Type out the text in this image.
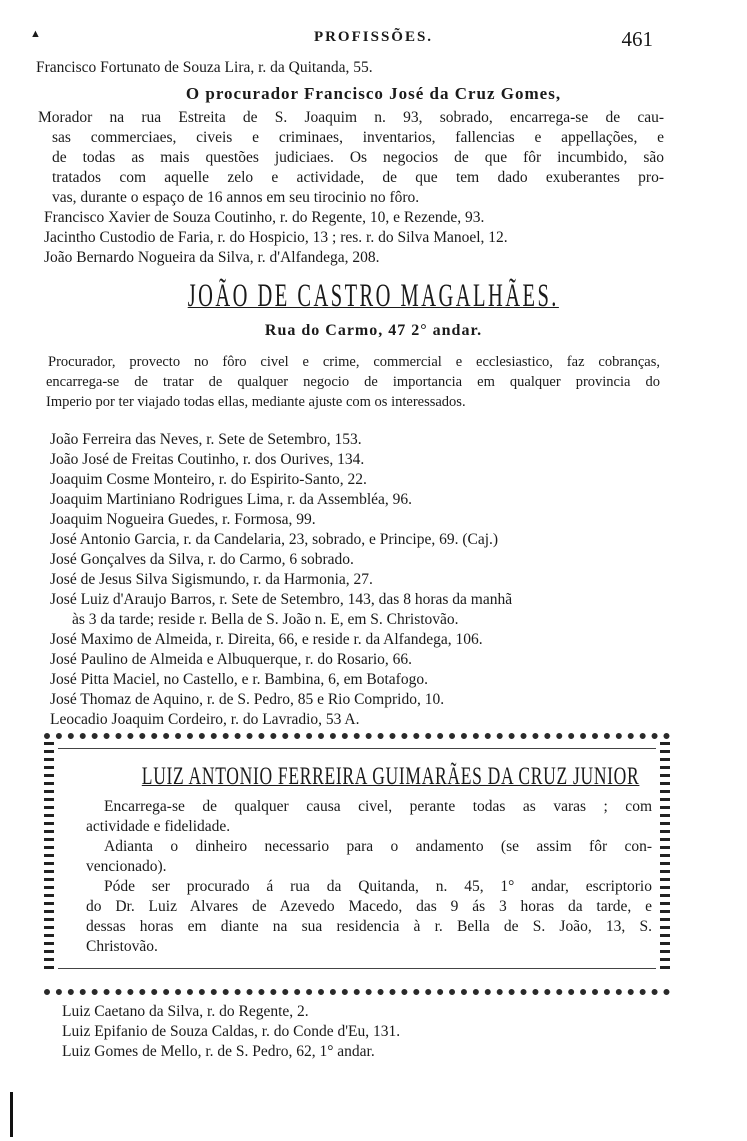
▲	PROFISSÕES.	461
Francisco Fortunato de Souza Lira, r. da Quitanda, 55.
O procurador Francisco José da Cruz Gomes,
Morador na rua Estreita de S. Joaquim n. 93, sobrado, encarrega-se de cau-
sas commerciaes, civeis e criminaes, inventarios, fallencias e appellações, e
de todas as mais questões judiciaes. Os negocios de que fôr incumbido, são
tratados com aquelle zelo e actividade, de que tem dado exuberantes pro-
vas, durante o espaço de 16 annos em seu tirocinio no fôro.
Francisco Xavier de Souza Coutinho, r. do Regente, 10, e Rezende, 93.
Jacintho Custodio de Faria, r. do Hospicio, 13 ; res. r. do Silva Manoel, 12.
João Bernardo Nogueira da Silva, r. d'Alfandega, 208.
JOÃO DE CASTRO MAGALHÃES.
Rua do Carmo, 47 2° andar.
Procurador, provecto no fôro civel e crime, commercial e ecclesiastico, faz cobranças,
encarrega-se de tratar de qualquer negocio de importancia em qualquer provincia do
Imperio por ter viajado todas ellas, mediante ajuste com os interessados.
João Ferreira das Neves, r. Sete de Setembro, 153.
João José de Freitas Coutinho, r. dos Ourives, 134.
Joaquim Cosme Monteiro, r. do Espirito-Santo, 22.
Joaquim Martiniano Rodrigues Lima, r. da Assembléa, 96.
Joaquim Nogueira Guedes, r. Formosa, 99.
José Antonio Garcia, r. da Candelaria, 23, sobrado, e Principe, 69. (Caj.)
José Gonçalves da Silva, r. do Carmo, 6 sobrado.
José de Jesus Silva Sigismundo, r. da Harmonia, 27.
José Luiz d'Araujo Barros, r. Sete de Setembro, 143, das 8 horas da manhã
às 3 da tarde; reside r. Bella de S. João n. E, em S. Christovão.
José Maximo de Almeida, r. Direita, 66, e reside r. da Alfandega, 106.
José Paulino de Almeida e Albuquerque, r. do Rosario, 66.
José Pitta Maciel, no Castello, e r. Bambina, 6, em Botafogo.
José Thomaz de Aquino, r. de S. Pedro, 85 e Rio Comprido, 10.
Leocadio Joaquim Cordeiro, r. do Lavradio, 53 A.
LUIZ ANTONIO FERREIRA GUIMARÃES DA CRUZ JUNIOR
Encarrega-se de qualquer causa civel, perante todas as varas ; com
actividade e fidelidade.
Adianta o dinheiro necessario para o andamento (se assim fôr con-
vencionado).
Póde ser procurado á rua da Quitanda, n. 45, 1° andar, escriptorio
do Dr. Luiz Alvares de Azevedo Macedo, das 9 ás 3 horas da tarde, e
dessas horas em diante na sua residencia à r. Bella de S. João, 13, S.
Christovão.
Luiz Caetano da Silva, r. do Regente, 2.
Luiz Epifanio de Souza Caldas, r. do Conde d'Eu, 131.
Luiz Gomes de Mello, r. de S. Pedro, 62, 1° andar.
